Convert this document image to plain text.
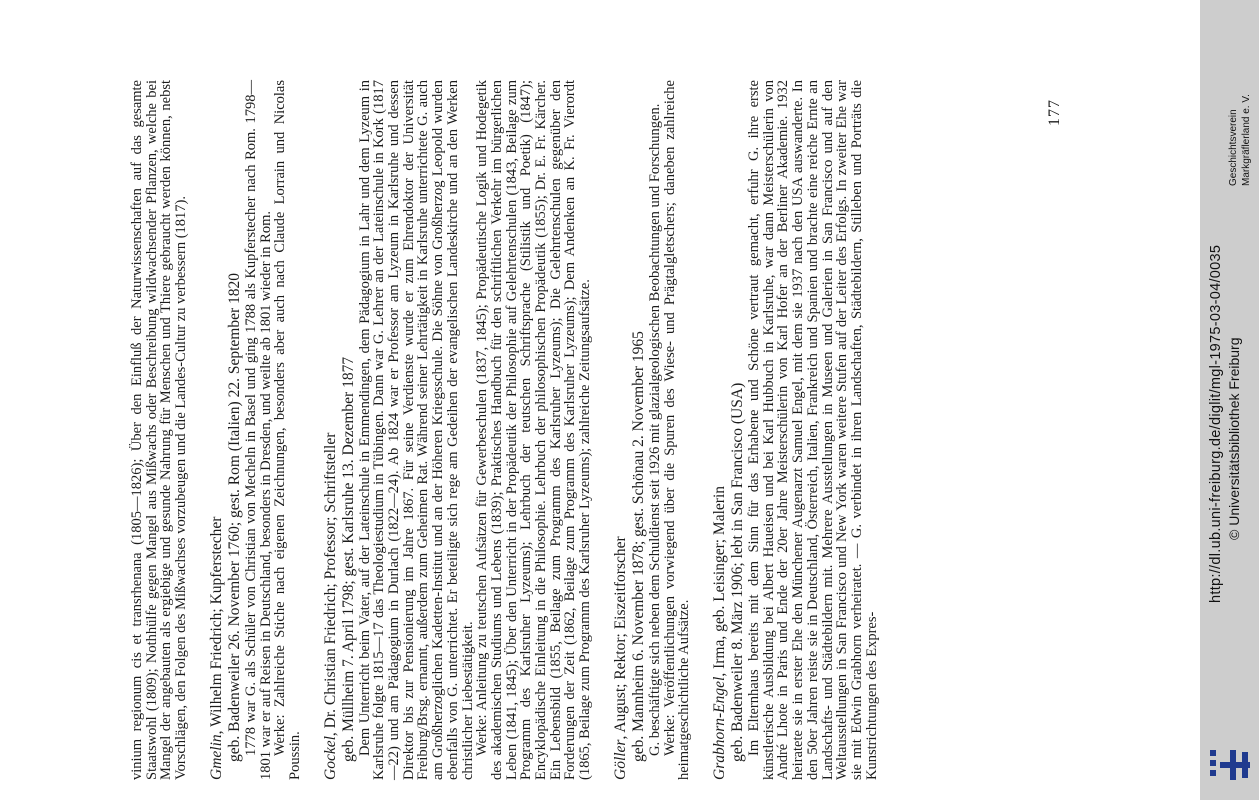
vinium regionum cis et transrhenana (1805—1826); Über den Einfluß der Naturwissenschaften auf das gesamte Staatswohl (1809); Nothhülfe gegen Mangel aus Mißwachs oder Beschreibung wildwachsender Pflanzen, welche bei Mangel der angebauten als ergiebige und gesunde Nahrung für Menschen und Thiere gebraucht werden können, nebst Vorschlägen, den Folgen des Mißwachses vorzubeugen und die Landes-Cultur zu verbessern (1817). Gmelin, Wilhelm Friedrich; Kupferstecher geb. Badenweiler 26. November 1760; gest. Rom (Italien) 22. September 1820 1778 war G. als Schüler von Christian von Mecheln in Basel und ging 1788 als Kupferstecher nach Rom. 1798—1801 war er auf Reisen in Deutschland, besonders in Dresden, und weilte ab 1801 wieder in Rom.

Werke: Zahlreiche Stiche nach eigenen Zeichnungen, besonders aber auch nach Claude Lorrain und Nicolas Poussin. Gockel, Dr. Christian Friedrich; Professor; Schriftsteller geb. Müllheim 7. April 1798; gest. Karlsruhe 13. Dezember 1877 Dem Unterricht beim Vater, auf der Lateinschule in Emmendingen, dem Pädagogium in Lahr und dem Lyzeum in Karlsruhe folgte 1815—17 das Theologiestudium in Tübingen. Dann war G. Lehrer an der Lateinschule in Kork (1817—22) und am Pädagogium in Durlach (1822—24). Ab 1824 war er Professor am Lyzeum in Karlsruhe und dessen Direktor bis zur Pensionierung im Jahre 1867. Für seine Verdienste wurde er zum Ehrendoktor der Universität Freiburg/Brsg. ernannt, außerdem zum Geheimen Rat. Während seiner Lehrtätigkeit in Karlsruhe unterrichtete G. auch am Großherzoglichen Kadetten-Institut und an der Höheren Kriegsschule. Die Söhne von Großherzog Leopold wurden ebenfalls von G. unterrichtet. Er beteiligte sich rege am Gedeihen der evangelischen Landeskirche und an den Werken christlicher Liebestätigkeit.

Werke: Anleitung zu teutschen Aufsätzen für Gewerbeschulen (1837, 1845); Propädeutische Logik und Hodegetik des akademischen Studiums und Lebens (1839); Praktisches Handbuch für den schriftlichen Verkehr im bürgerlichen Leben (1841, 1845); Über den Unterricht in der Propädeutik der Philosophie auf Gelehrtenschulen (1843, Beilage zum Programm des Karlsruher Lyzeums); Lehrbuch der teutschen Schriftsprache (Stilistik und Poetik) (1847); Encyklopädische Einleitung in die Philosophie. Lehrbuch der philosophischen Propädeutik (1855); Dr. E. Fr. Kärcher. Ein Lebensbild (1855, Beilage zum Programm des Karlsruher Lyzeums); Die Gelehrtenschulen gegenüber den Forderungen der Zeit (1862, Beilage zum Programm des Karlsruher Lyzeums); Dem Andenken an K. Fr. Vierordt (1865, Beilage zum Programm des Karlsruher Lyzeums); zahlreiche Zeitungsaufsätze. Göller, August; Rektor; Eiszeitforscher geb. Mannheim 6. November 1878; gest. Schönau 2. November 1965 G. beschäftigte sich neben dem Schuldienst seit 1926 mit glazialgeologischen Beobachtungen und Forschungen.

Werke: Veröffentlichungen vorwiegend über die Spuren des Wiese- und Prägtalgletschers; daneben zahlreiche heimatgeschichtliche Aufsätze. Grabhorn-Engel, Irma, geb. Leisinger; Malerin geb. Badenweiler 8. März 1906; lebt in San Francisco (USA) Im Elternhaus bereits mit dem Sinn für das Erhabene und Schöne vertraut gemacht, erfuhr G. ihre erste künstlerische Ausbildung bei Albert Haueisen und bei Karl Hubbuch in Karlsruhe, war dann Meisterschülerin von André Lhote in Paris und Ende der 20er Jahre Meisterschülerin von Karl Hofer an der Berliner Akademie. 1932 heiratete sie in erster Ehe den Münchener Augenarzt Samuel Engel, mit dem sie 1937 nach den USA auswanderte. In den 50er Jahren reiste sie in Deutschland, Österreich, Italien, Frankreich und Spanien und brachte eine reiche Ernte an Landschafts- und Städtebildern mit. Mehrere Ausstellungen in Museen und Galerien in San Francisco und auf den Weltausstellungen in San Francisco und New York waren weitere Stufen auf der Leiter des Erfolgs. In zweiter Ehe war sie mit Edwin Grabhorn verheiratet. — G. verbindet in ihren Landschaften, Städtebildern, Stilleben und Porträts die Kunstrichtungen des Expres-

177
http://dl.ub.uni-freiburg.de/diglit/mgl-1975-03-04/0035 © Universitätsbibliothek Freiburg
Geschichtsverein Markgräflerland e. V.
